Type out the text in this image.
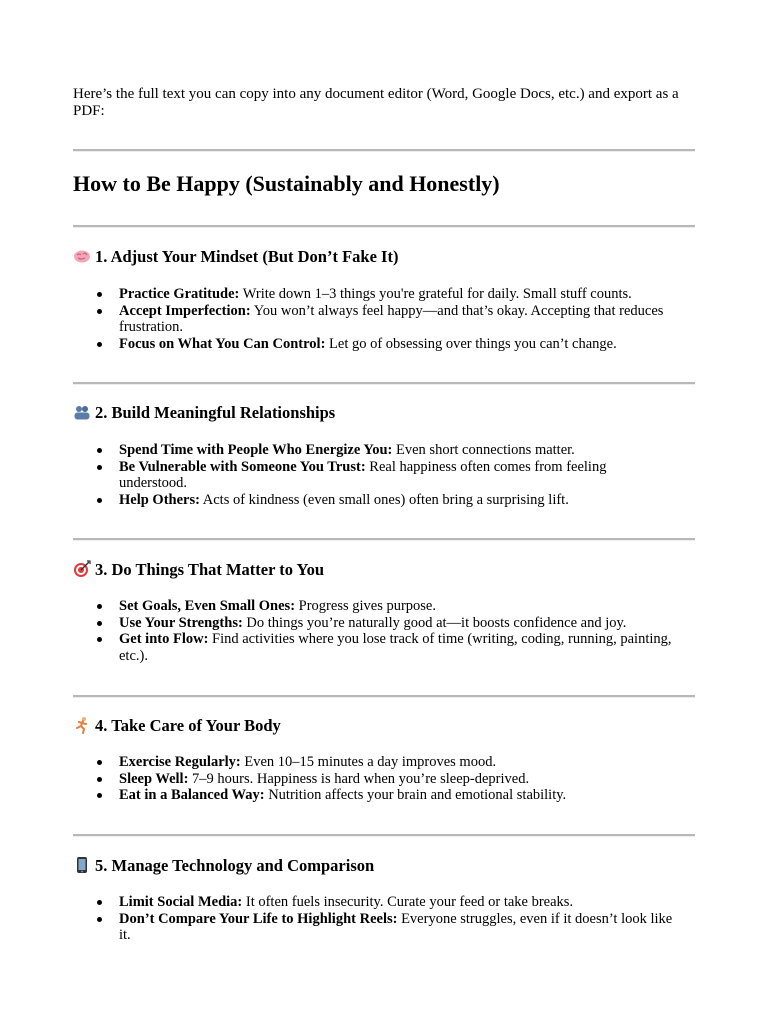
Here’s the full text you can copy into any document editor (Word, Google Docs, etc.) and export as a PDF:

How to Be Happy (Sustainably and Honestly)
1. Adjust Your Mindset (But Don’t Fake It)
Practice Gratitude: Write down 1–3 things you're grateful for daily. Small stuff counts.
Accept Imperfection: You won’t always feel happy—and that’s okay. Accepting that reduces frustration.
Focus on What You Can Control: Let go of obsessing over things you can’t change.
2. Build Meaningful Relationships
Spend Time with People Who Energize You: Even short connections matter.
Be Vulnerable with Someone You Trust: Real happiness often comes from feeling understood.
Help Others: Acts of kindness (even small ones) often bring a surprising lift.
3. Do Things That Matter to You
Set Goals, Even Small Ones: Progress gives purpose.
Use Your Strengths: Do things you’re naturally good at—it boosts confidence and joy.
Get into Flow: Find activities where you lose track of time (writing, coding, running, painting, etc.).
4. Take Care of Your Body
Exercise Regularly: Even 10–15 minutes a day improves mood.
Sleep Well: 7–9 hours. Happiness is hard when you’re sleep-deprived.
Eat in a Balanced Way: Nutrition affects your brain and emotional stability.
5. Manage Technology and Comparison
Limit Social Media: It often fuels insecurity. Curate your feed or take breaks.
Don’t Compare Your Life to Highlight Reels: Everyone struggles, even if it doesn’t look like it.
